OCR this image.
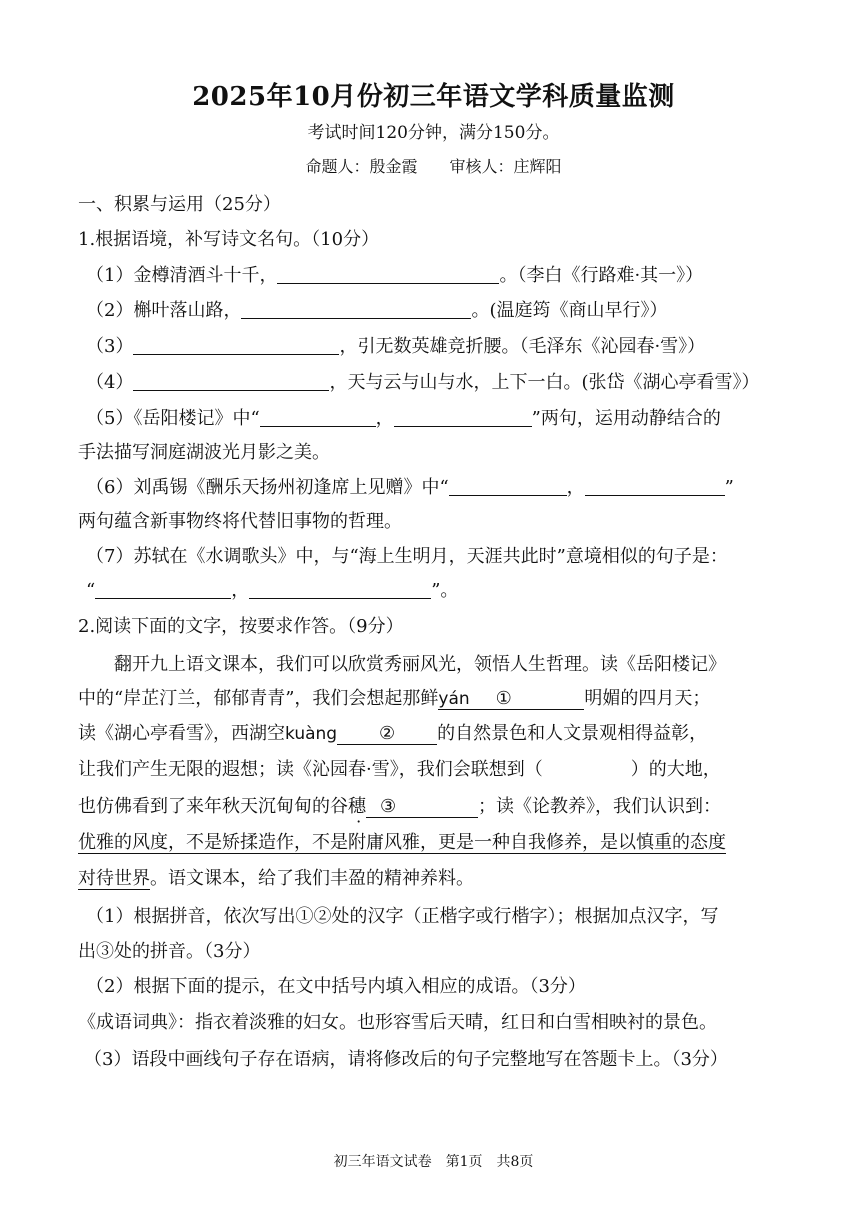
2025年10月份初三年语文学科质量监测
考试时间120分钟，满分150分。
命题人：殷金霞　　审核人：庄辉阳
一、积累与运用（25分）
1.根据语境，补写诗文名句。（10分）
（1）金樽清酒斗十千，	。（李白《行路难·其一》）
（2）槲叶落山路，	。(温庭筠《商山早行》）
（3）	，引无数英雄竞折腰。（毛泽东《沁园春·雪》）
（4）	，天与云与山与水，上下一白。(张岱《湖心亭看雪》）
（5）《岳阳楼记》中“	，	”两句，运用动静结合的
手法描写洞庭湖波光月影之美。
（6）刘禹锡《酬乐天扬州初逢席上见赠》中“	，	”
两句蕴含新事物终将代替旧事物的哲理。
（7）苏轼在《水调歌头》中，与“海上生明月，天涯共此时”意境相似的句子是：
“	，	”。
2.阅读下面的文字，按要求作答。（9分）
翻开九上语文课本，我们可以欣赏秀丽风光，领悟人生哲理。读《岳阳楼记》
中的“岸芷汀兰，郁郁青青”，我们会想起那鲜yán ①	明媚的四月天；
读《湖心亭看雪》，西湖空kuàng ② 的自然景色和人文景观相得益彰，
让我们产生无限的遐想；读《沁园春·雪》，我们会联想到（	）的大地，
也仿佛看到了来年秋天沉甸甸的谷穗 ③	；读《论教养》，我们认识到：
优雅的风度，不是矫揉造作，不是附庸风雅，更是一种自我修养，是以慎重的态度
对待世界。语文课本，给了我们丰盈的精神养料。
（1）根据拼音，依次写出①②处的汉字（正楷字或行楷字）；根据加点汉字，写
出③处的拼音。（3分）
（2）根据下面的提示，在文中括号内填入相应的成语。（3分）
《成语词典》：指衣着淡雅的妇女。也形容雪后天晴，红日和白雪相映衬的景色。
（3）语段中画线句子存在语病，请将修改后的句子完整地写在答题卡上。（3分）
初三年语文试卷　第1页　共8页
